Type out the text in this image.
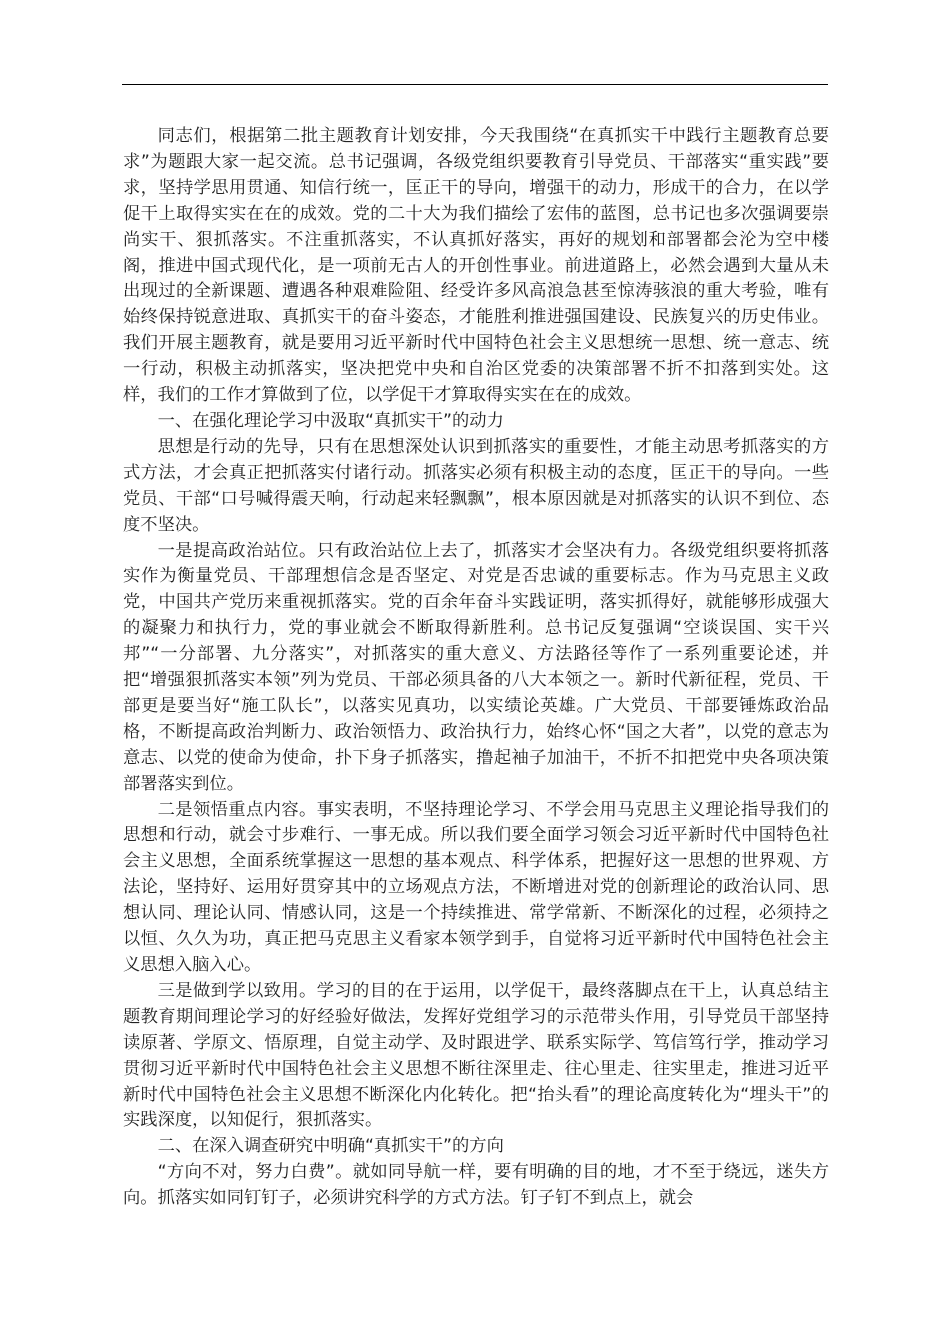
同志们，根据第二批主题教育计划安排，今天我围绕“在真抓实干中践行主题教育总要求”为题跟大家一起交流。总书记强调，各级党组织要教育引导党员、干部落实“重实践”要求，坚持学思用贯通、知信行统一，匡正干的导向，增强干的动力，形成干的合力，在以学促干上取得实实在在的成效。党的二十大为我们描绘了宏伟的蓝图，总书记也多次强调要崇尚实干、狠抓落实。不注重抓落实，不认真抓好落实，再好的规划和部署都会沦为空中楼阁，推进中国式现代化，是一项前无古人的开创性事业。前进道路上，必然会遇到大量从未出现过的全新课题、遭遇各种艰难险阻、经受许多风高浪急甚至惊涛骇浪的重大考验，唯有始终保持锐意进取、真抓实干的奋斗姿态，才能胜利推进强国建设、民族复兴的历史伟业。我们开展主题教育，就是要用习近平新时代中国特色社会主义思想统一思想、统一意志、统一行动，积极主动抓落实，坚决把党中央和自治区党委的决策部署不折不扣落到实处。这样，我们的工作才算做到了位，以学促干才算取得实实在在的成效。

一、在强化理论学习中汲取“真抓实干”的动力

思想是行动的先导，只有在思想深处认识到抓落实的重要性，才能主动思考抓落实的方式方法，才会真正把抓落实付诸行动。抓落实必须有积极主动的态度，匡正干的导向。一些党员、干部“口号喊得震天响，行动起来轻飘飘”，根本原因就是对抓落实的认识不到位、态度不坚决。

一是提高政治站位。只有政治站位上去了，抓落实才会坚决有力。各级党组织要将抓落实作为衡量党员、干部理想信念是否坚定、对党是否忠诚的重要标志。作为马克思主义政党，中国共产党历来重视抓落实。党的百余年奋斗实践证明，落实抓得好，就能够形成强大的凝聚力和执行力，党的事业就会不断取得新胜利。总书记反复强调“空谈误国、实干兴邦”“一分部署、九分落实”，对抓落实的重大意义、方法路径等作了一系列重要论述，并把“增强狠抓落实本领”列为党员、干部必须具备的八大本领之一。新时代新征程，党员、干部更是要当好“施工队长”，以落实见真功，以实绩论英雄。广大党员、干部要锤炼政治品格，不断提高政治判断力、政治领悟力、政治执行力，始终心怀“国之大者”，以党的意志为意志、以党的使命为使命，扑下身子抓落实，撸起袖子加油干，不折不扣把党中央各项决策部署落实到位。

二是领悟重点内容。事实表明，不坚持理论学习、不学会用马克思主义理论指导我们的思想和行动，就会寸步难行、一事无成。所以我们要全面学习领会习近平新时代中国特色社会主义思想，全面系统掌握这一思想的基本观点、科学体系，把握好这一思想的世界观、方法论，坚持好、运用好贯穿其中的立场观点方法，不断增进对党的创新理论的政治认同、思想认同、理论认同、情感认同，这是一个持续推进、常学常新、不断深化的过程，必须持之以恒、久久为功，真正把马克思主义看家本领学到手，自觉将习近平新时代中国特色社会主义思想入脑入心。

三是做到学以致用。学习的目的在于运用，以学促干，最终落脚点在干上，认真总结主题教育期间理论学习的好经验好做法，发挥好党组学习的示范带头作用，引导党员干部坚持读原著、学原文、悟原理，自觉主动学、及时跟进学、联系实际学、笃信笃行学，推动学习贯彻习近平新时代中国特色社会主义思想不断往深里走、往心里走、往实里走，推进习近平新时代中国特色社会主义思想不断深化内化转化。把“抬头看”的理论高度转化为“埋头干”的实践深度，以知促行，狠抓落实。

二、在深入调查研究中明确“真抓实干”的方向

“方向不对，努力白费”。就如同导航一样，要有明确的目的地，才不至于绕远，迷失方向。抓落实如同钉钉子，必须讲究科学的方式方法。钉子钉不到点上，就会
